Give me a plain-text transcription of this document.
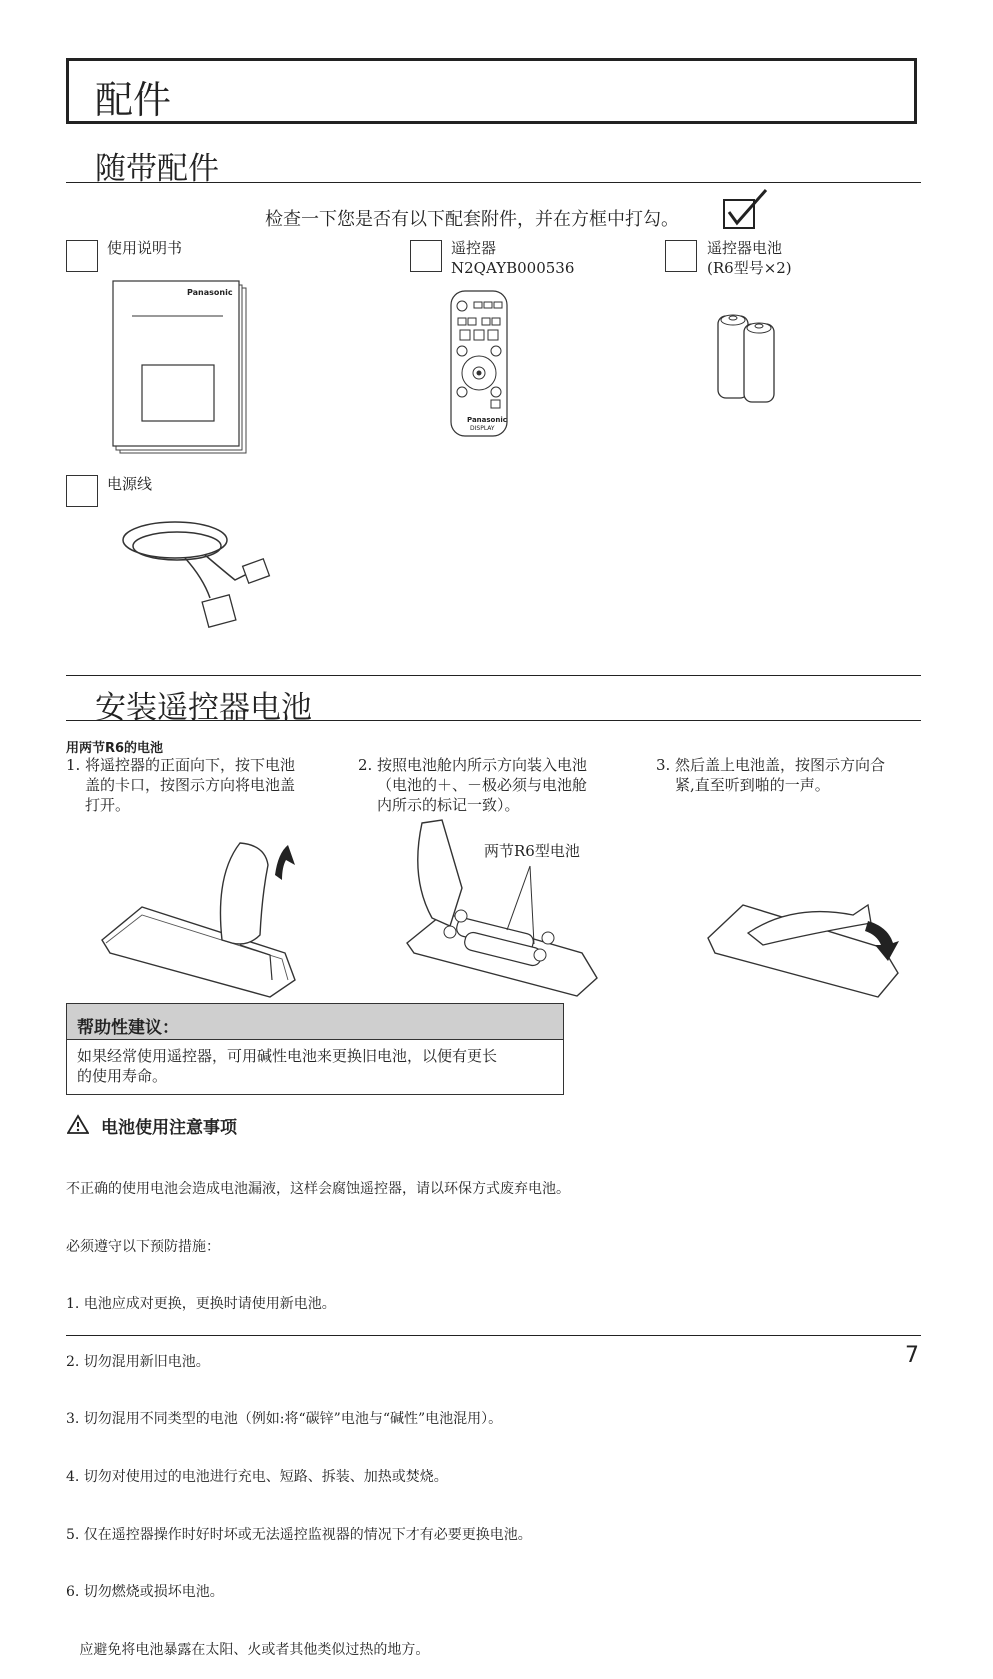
配件
随带配件
检查一下您是否有以下配套附件，并在方框中打勾。
使用说明书
Panasonic
遥控器
N2QAYB000536
Panasonic
DISPLAY
遥控器电池
(R6型号×2)
电源线
安装遥控器电池
用两节R6的电池
1. 将遥控器的正面向下，按下电池
盖的卡口，按图示方向将电池盖
打开。
2. 按照电池舱内所示方向装入电池
（电池的＋、－极必须与电池舱
内所示的标记一致）。
3. 然后盖上电池盖，按图示方向合
紧,直至听到啪的一声。
两节R6型电池
帮助性建议：
如果经常使用遥控器，可用碱性电池来更换旧电池，以便有更长
的使用寿命。
电池使用注意事项

不正确的使用电池会造成电池漏液，这样会腐蚀遥控器，请以环保方式废弃电池。

必须遵守以下预防措施：

1. 电池应成对更换，更换时请使用新电池。

2. 切勿混用新旧电池。

3. 切勿混用不同类型的电池（例如:将“碳锌”电池与“碱性”电池混用）。

4. 切勿对使用过的电池进行充电、短路、拆装、加热或焚烧。

5. 仅在遥控器操作时好时坏或无法遥控监视器的情况下才有必要更换电池。

6. 切勿燃烧或损坏电池。

应避免将电池暴露在太阳、火或者其他类似过热的地方。

7
